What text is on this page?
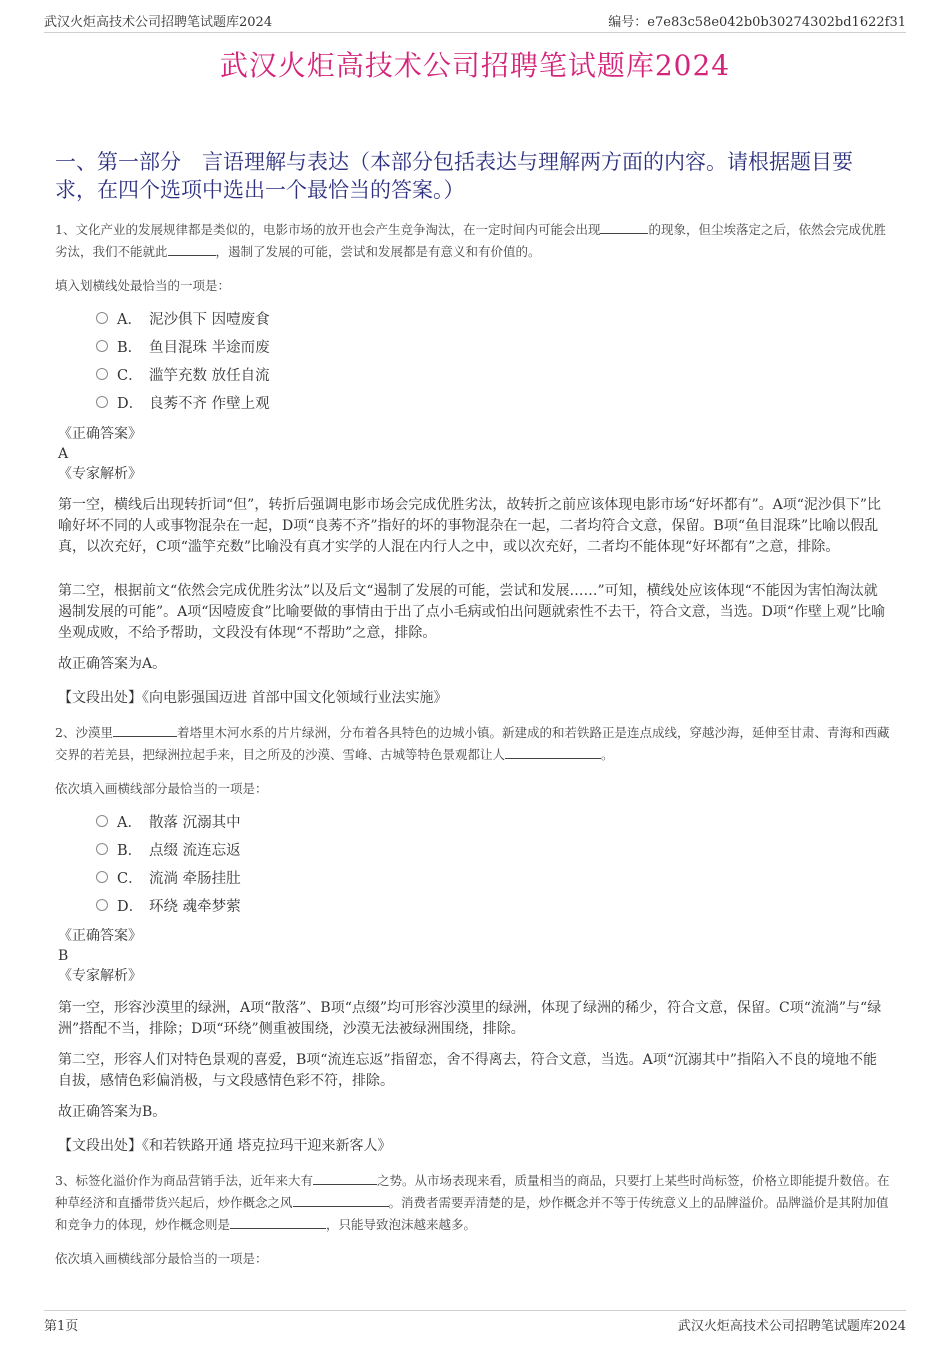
武汉火炬高技术公司招聘笔试题库2024	编号：e7e83c58e042b0b30274302bd1622f31
武汉火炬高技术公司招聘笔试题库2024
一、第一部分　言语理解与表达（本部分包括表达与理解两方面的内容。请根据题目要求，在四个选项中选出一个最恰当的答案。）
1、文化产业的发展规律都是类似的，电影市场的放开也会产生竞争淘汰，在一定时间内可能会出现	的现象，但尘埃落定之后，依然会完成优胜劣汰，我们不能就此	，遏制了发展的可能，尝试和发展都是有意义和有价值的。
填入划横线处最恰当的一项是：
A． 泥沙俱下 因噎废食
B． 鱼目混珠 半途而废
C． 滥竽充数 放任自流
D． 良莠不齐 作壁上观
《正确答案》
A
《专家解析》
第一空，横线后出现转折词“但”，转折后强调电影市场会完成优胜劣汰，故转折之前应该体现电影市场“好坏都有”。A项“泥沙俱下”比喻好坏不同的人或事物混杂在一起，D项“良莠不齐”指好的坏的事物混杂在一起，二者均符合文意，保留。B项“鱼目混珠”比喻以假乱真，以次充好，C项“滥竽充数”比喻没有真才实学的人混在内行人之中，或以次充好，二者均不能体现“好坏都有”之意，排除。
第二空，根据前文“依然会完成优胜劣汰”以及后文“遏制了发展的可能，尝试和发展……”可知，横线处应该体现“不能因为害怕淘汰就遏制发展的可能”。A项“因噎废食”比喻要做的事情由于出了点小毛病或怕出问题就索性不去干，符合文意，当选。D项“作壁上观”比喻坐观成败，不给予帮助，文段没有体现“不帮助”之意，排除。
故正确答案为A。
【文段出处】《向电影强国迈进 首部中国文化领域行业法实施》
2、沙漠里	着塔里木河水系的片片绿洲，分布着各具特色的边城小镇。新建成的和若铁路正是连点成线，穿越沙海，延伸至甘肃、青海和西藏交界的若羌县，把绿洲拉起手来，目之所及的沙漠、雪峰、古城等特色景观都让人	。
依次填入画横线部分最恰当的一项是：
A． 散落 沉溺其中
B． 点缀 流连忘返
C． 流淌 牵肠挂肚
D． 环绕 魂牵梦萦
《正确答案》
B
《专家解析》
第一空，形容沙漠里的绿洲，A项“散落”、B项“点缀”均可形容沙漠里的绿洲，体现了绿洲的稀少，符合文意，保留。C项“流淌”与“绿洲”搭配不当，排除；D项“环绕”侧重被围绕，沙漠无法被绿洲围绕，排除。
第二空，形容人们对特色景观的喜爱，B项“流连忘返”指留恋，舍不得离去，符合文意，当选。A项“沉溺其中”指陷入不良的境地不能自拔，感情色彩偏消极，与文段感情色彩不符，排除。
故正确答案为B。
【文段出处】《和若铁路开通 塔克拉玛干迎来新客人》
3、标签化溢价作为商品营销手法，近年来大有	之势。从市场表现来看，质量相当的商品，只要打上某些时尚标签，价格立即能提升数倍。在种草经济和直播带货兴起后，炒作概念之风	。消费者需要弄清楚的是，炒作概念并不等于传统意义上的品牌溢价。品牌溢价是其附加值和竞争力的体现，炒作概念则是	，只能导致泡沫越来越多。
依次填入画横线部分最恰当的一项是：
第1页	武汉火炬高技术公司招聘笔试题库2024
